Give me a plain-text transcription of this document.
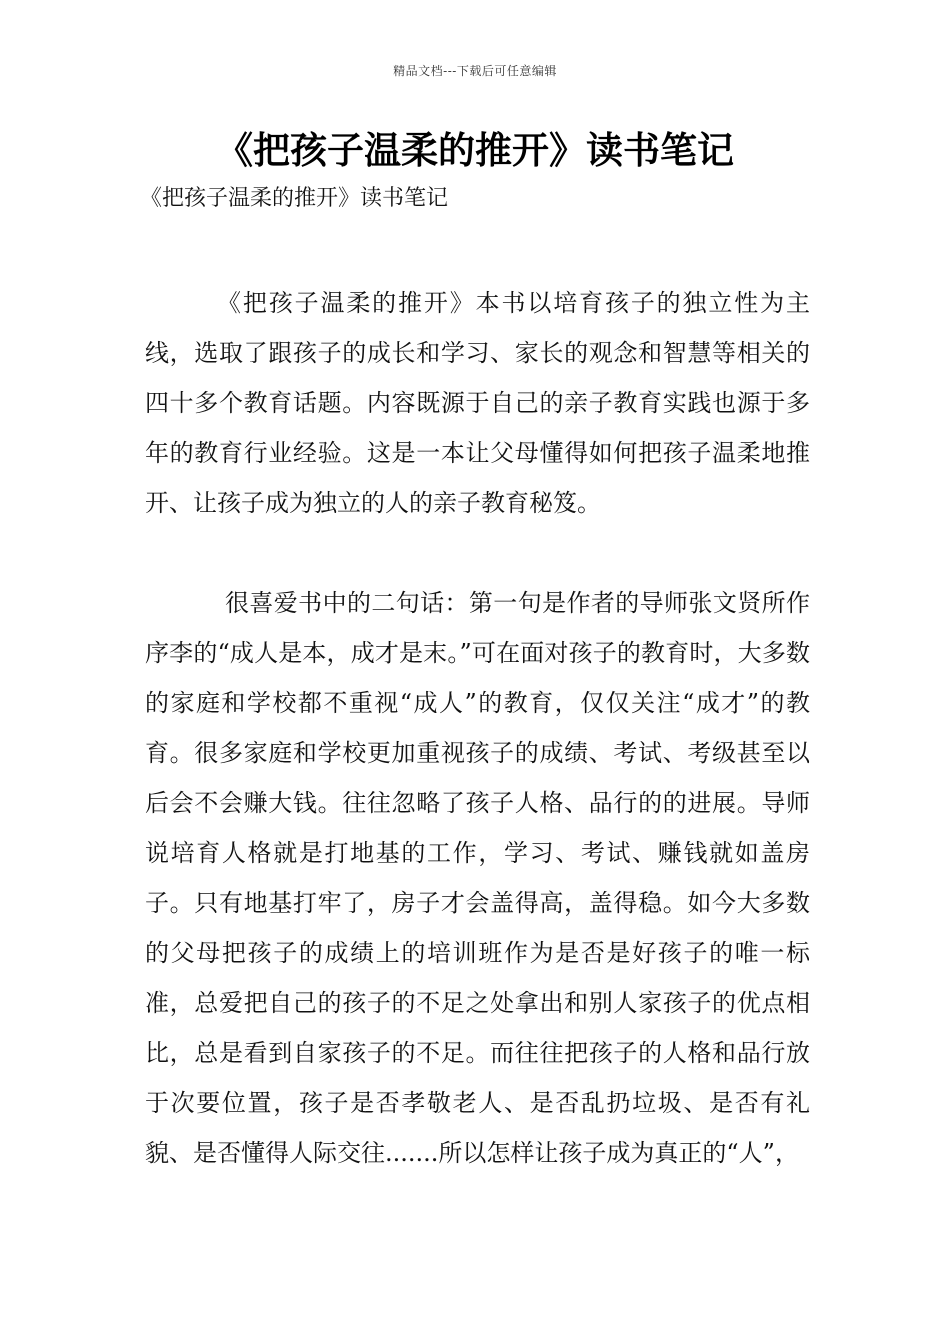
精品文档---下载后可任意编辑
《把孩子温柔的推开》读书笔记
《把孩子温柔的推开》读书笔记

《把孩子温柔的推开》本书以培育孩子的独立性为主线，选取了跟孩子的成长和学习、家长的观念和智慧等相关的四十多个教育话题。内容既源于自己的亲子教育实践也源于多年的教育行业经验。这是一本让父母懂得如何把孩子温柔地推开、让孩子成为独立的人的亲子教育秘笈。

很喜爱书中的二句话：第一句是作者的导师张文贤所作序李的“成人是本，成才是末。”可在面对孩子的教育时，大多数的家庭和学校都不重视“成人”的教育，仅仅关注“成才”的教育。很多家庭和学校更加重视孩子的成绩、考试、考级甚至以后会不会赚大钱。往往忽略了孩子人格、品行的的进展。导师说培育人格就是打地基的工作，学习、考试、赚钱就如盖房子。只有地基打牢了，房子才会盖得高，盖得稳。如今大多数的父母把孩子的成绩上的培训班作为是否是好孩子的唯一标准，总爱把自己的孩子的不足之处拿出和别人家孩子的优点相比，总是看到自家孩子的不足。而往往把孩子的人格和品行放于次要位置，孩子是否孝敬老人、是否乱扔垃圾、是否有礼貌、是否懂得人际交往.......所以怎样让孩子成为真正的“人”，
